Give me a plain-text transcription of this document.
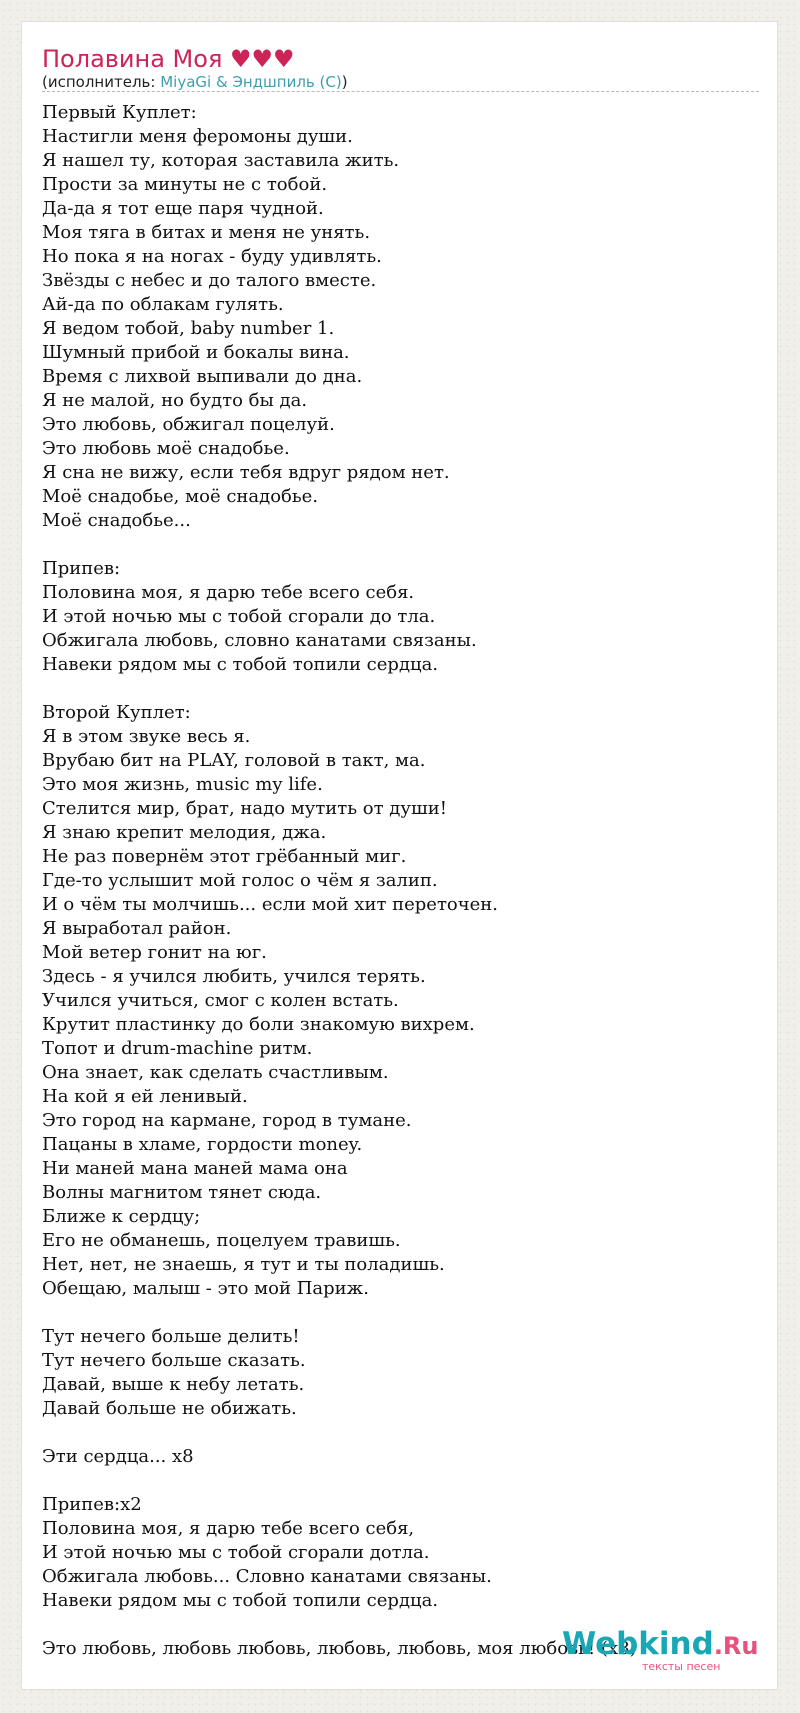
Полавина Моя ♥♥♥
(исполнитель: MiyaGi & Эндшпиль (С))
Первый Куплет:
Настигли меня феромоны души.
Я нашел ту, которая заставила жить.
Прости за минуты не с тобой.
Да-да я тот еще паря чудной.
Моя тяга в битах и меня не унять.
Но пока я на ногах - буду удивлять.
Звёзды с небес и до талого вместе.
Ай-да по облакам гулять.
Я ведом тобой, baby number 1.
Шумный прибой и бокалы вина.
Время с лихвой выпивали до дна.
Я не малой, но будто бы да.
Это любовь, обжигал поцелуй.
Это любовь моё снадобье.
Я сна не вижу, если тебя вдруг рядом нет.
Моё снадобье, моё снадобье.
Моё снадобье...
Припев:
Половина моя, я дарю тебе всего себя.
И этой ночью мы с тобой сгорали до тла.
Обжигала любовь, словно канатами связаны.
Навеки рядом мы с тобой топили сердца.
Второй Куплет:
Я в этом звуке весь я.
Врубаю бит на PLAY, головой в такт, ма.
Это моя жизнь, music my life.
Стелится мир, брат, надо мутить от души!
Я знаю крепит мелодия, джа.
Не раз повернём этот грёбанный миг.
Где-то услышит мой голос о чём я залип.
И о чём ты молчишь... если мой хит переточен.
Я выработал район.
Мой ветер гонит на юг.
Здесь - я учился любить, учился терять.
Учился учиться, смог с колен встать.
Крутит пластинку до боли знакомую вихрем.
Топот и drum-machine ритм.
Она знает, как сделать счастливым.
На кой я ей ленивый.
Это город на кармане, город в тумане.
Пацаны в хламе, гордости money.
Ни маней мана маней мама она
Волны магнитом тянет сюда.
Ближе к сердцу;
Его не обманешь, поцелуем травишь.
Нет, нет, не знаешь, я тут и ты поладишь.
Обещаю, малыш - это мой Париж.
Тут нечего больше делить!
Тут нечего больше сказать.
Давай, выше к небу летать.
Давай больше не обижать.
Эти сердца... x8
Припев:x2
Половина моя, я дарю тебе всего себя,
И этой ночью мы с тобой сгорали дотла.
Обжигала любовь... Словно канатами связаны.
Навеки рядом мы с тобой топили сердца.
Это любовь, любовь любовь, любовь, любовь, моя любовь! (x8)
Webkind.Ru
тексты песен
